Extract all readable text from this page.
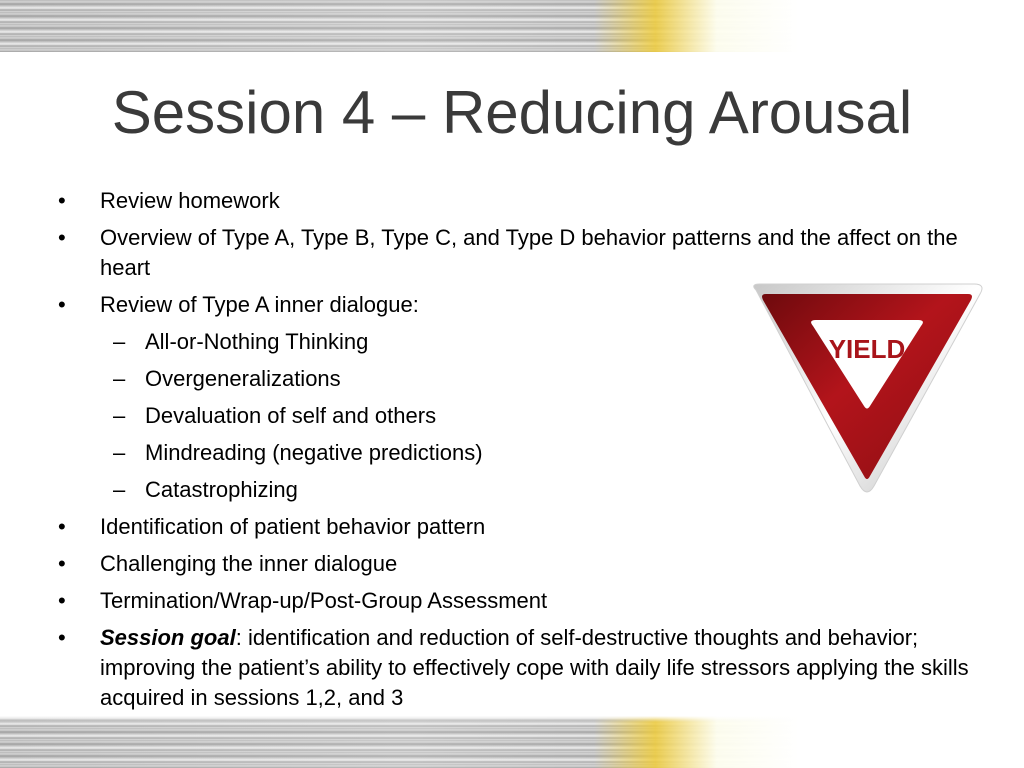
Session 4 – Reducing Arousal
•	Review homework
•	Overview of Type A, Type B, Type C, and Type D behavior patterns and the affect on the heart
•	Review of Type A inner dialogue:
– All-or-Nothing Thinking
– Overgeneralizations
– Devaluation of self and others
– Mindreading (negative predictions)
– Catastrophizing
•	Identification of patient behavior pattern
•	Challenging the inner dialogue
•	Termination/Wrap-up/Post-Group Assessment
•	Session goal: identification and reduction of self-destructive thoughts and behavior; improving the patient’s ability to effectively cope with daily life stressors applying the skills acquired in sessions 1,2, and 3
YIELD
